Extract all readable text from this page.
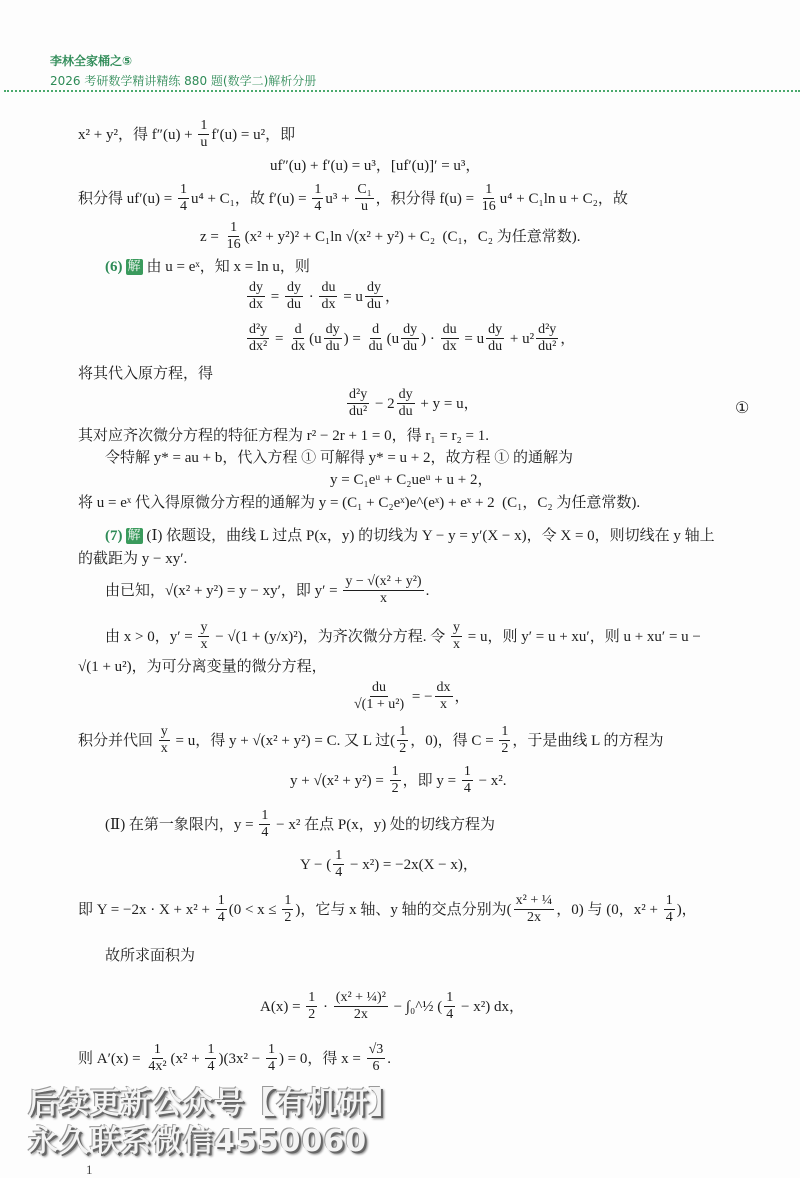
李林全家桶之⑤
2026 考研数学精讲精练 880 题(数学二)解析分册
x² + y²，得 $f''(u) + \frac{1}{u} f'(u) = u^2$，即
uf″(u) + f′(u) = u³，[uf′(u)]′ = u³，
积分得 $uf'(u) = \frac{1}{4} u^4 + C_1$，故 $f'(u) = \frac{1}{4} u^3 + \frac{\text{C₁}}{u}$ ，积分得 $f(u) = \frac{1}{16} u^4 + C_1\ln$ u + C₂，故
$z = \frac{1}{16} (x^2 + y^2)^2 + C_1\ln$ √(x² + y²) + C₂  (C₁，C₂ 为任意常数).
(6) 解 由 u = eˣ，知 x = ln u，则
$\frac{dy}{dx} = \frac{dy}{du} \cdot \frac{du}{dx} = u \frac{dy}{du}$ ，
$\frac{\text{d²y}}{\text{dx²}} = \frac{d}{dx} (u \frac{dy}{du}$ ) = $\frac{d}{du} (u \frac{dy}{du}$ ) · $\frac{du}{dx} = u \frac{dy}{du} + u^2 \frac{\text{d²y}}{\text{du²}}$ ，
将其代入原方程，得
$\frac{\text{d²y}}{\text{du²}} - 2 \frac{dy}{du} + y = u$，
其对应齐次微分方程的特征方程为 r² − 2r + 1 = 0，得 r₁ = r₂ = 1.
令特解 y* = au + b，代入方程 ① 可解得 y* = u + 2，故方程 ① 的通解为
y = C₁eᵘ + C₂ueᵘ + u + 2，
将 u = eˣ 代入得原微分方程的通解为 y = (C₁ + C₂eˣ)e^(eˣ) + eˣ + 2  (C₁，C₂ 为任意常数).
(7) 解 (Ⅰ) 依题设，曲线 L 过点 P(x，y) 的切线为 Y − y = y′(X − x)，令 X = 0，则切线在 y 轴上
的截距为 y − xy′.
由已知，√(x² + y²) = y − xy′，即 $y' = \frac{\text{y − √(x² + y²)}}{x}$ .
由 x > 0，$y' = \frac{y}{x} - √(1 + (y/x)^2)$，为齐次微分方程. 令 $\frac{y}{x} = u$，则 y′ = u + xu′，则 u + xu′ = u −
√(1 + u²)，为可分离变量的微分方程，
$\frac{du}{\text{√(1 + u²)}}$ = − $\frac{dx}{x}$ ，
积分并代回 $\frac{y}{x} = u$，得 y + √(x² + y²) = C. 又 L 过( $\frac{1}{2}$ ，0)，得 $C = \frac{1}{2}$ ，于是曲线 L 的方程为
$y + √(x^2 + y^2) = \frac{1}{2}$ ，即 $y = \frac{1}{4} - x^2$.
(Ⅱ) 在第一象限内，$y = \frac{1}{4} - x^2$ 在点 P(x，y) 处的切线方程为
Y − ( $\frac{1}{4} - x^2) = -2x(X - x)$，
即 $Y = -2x \cdot X + x^2 + \frac{1}{4} (0 < x \le \frac{1}{2}$ )，它与 x 轴、y 轴的交点分别为( $\frac{\text{x² + ¼}}{2x}$ ，0) 与 (0，$x^2 + \frac{1}{4}$ )，
故所求面积为
$A(x) = \frac{1}{2} \cdot \frac{\text{(x² + ¼)²}}{2x}$ − ∫₀^½ ( $\frac{1}{4} - x^2$) dx，
则 $A'(x) = \frac{1}{\text{4x²}} (x^2 + \frac{1}{4} )(3x^2 - \frac{1}{4}$ ) = 0，得 $x = \frac{√3}{6}$ .
①
后续更新公众号【有机研】
永久联系微信4550060
1
